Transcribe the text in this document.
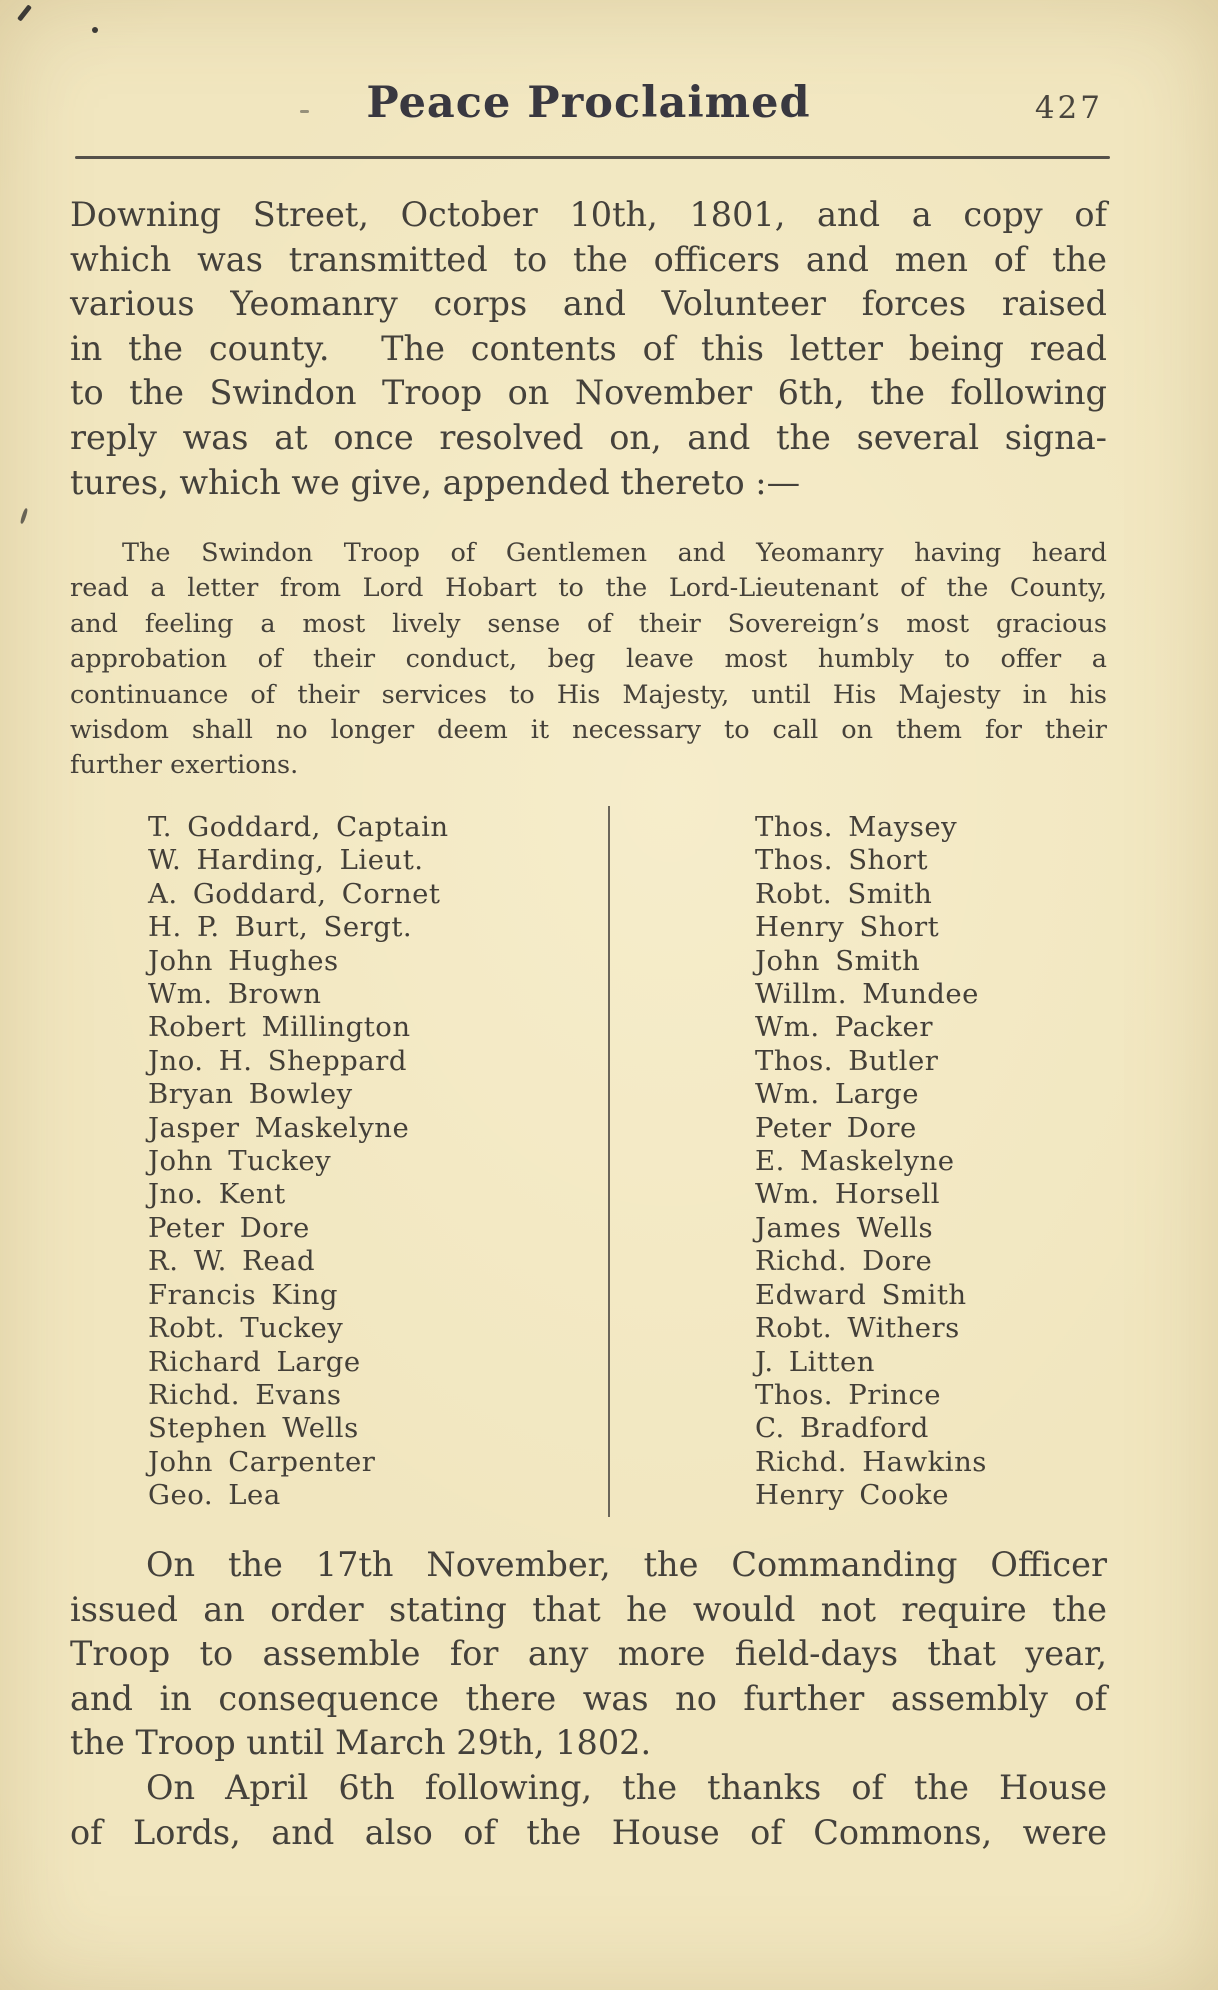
Peace Proclaimed	427
Downing Street, October 10th, 1801, and a copy of
which was transmitted to the officers and men of the
various Yeomanry corps and Volunteer forces raised
in the county.  The contents of this letter being read
to the Swindon Troop on November 6th, the following
reply was at once resolved on, and the several signa-
tures, which we give, appended thereto :—
The Swindon Troop of Gentlemen and Yeomanry having heard
read a letter from Lord Hobart to the Lord-Lieutenant of the County,
and feeling a most lively sense of their Sovereign’s most gracious
approbation of their conduct, beg leave most humbly to offer a
continuance of their services to His Majesty, until His Majesty in his
wisdom shall no longer deem it necessary to call on them for their
further exertions.
T. Goddard, Captain
W. Harding, Lieut.
A. Goddard, Cornet
H. P. Burt, Sergt.
John Hughes
Wm. Brown
Robert Millington
Jno. H. Sheppard
Bryan Bowley
Jasper Maskelyne
John Tuckey
Jno. Kent
Peter Dore
R. W. Read
Francis King
Robt. Tuckey
Richard Large
Richd. Evans
Stephen Wells
John Carpenter
Geo. Lea
Thos. Maysey
Thos. Short
Robt. Smith
Henry Short
John Smith
Willm. Mundee
Wm. Packer
Thos. Butler
Wm. Large
Peter Dore
E. Maskelyne
Wm. Horsell
James Wells
Richd. Dore
Edward Smith
Robt. Withers
J. Litten
Thos. Prince
C. Bradford
Richd. Hawkins
Henry Cooke
On the 17th November, the Commanding Officer
issued an order stating that he would not require the
Troop to assemble for any more field-days that year,
and in consequence there was no further assembly of
the Troop until March 29th, 1802.
On April 6th following, the thanks of the House
of Lords, and also of the House of Commons, were
